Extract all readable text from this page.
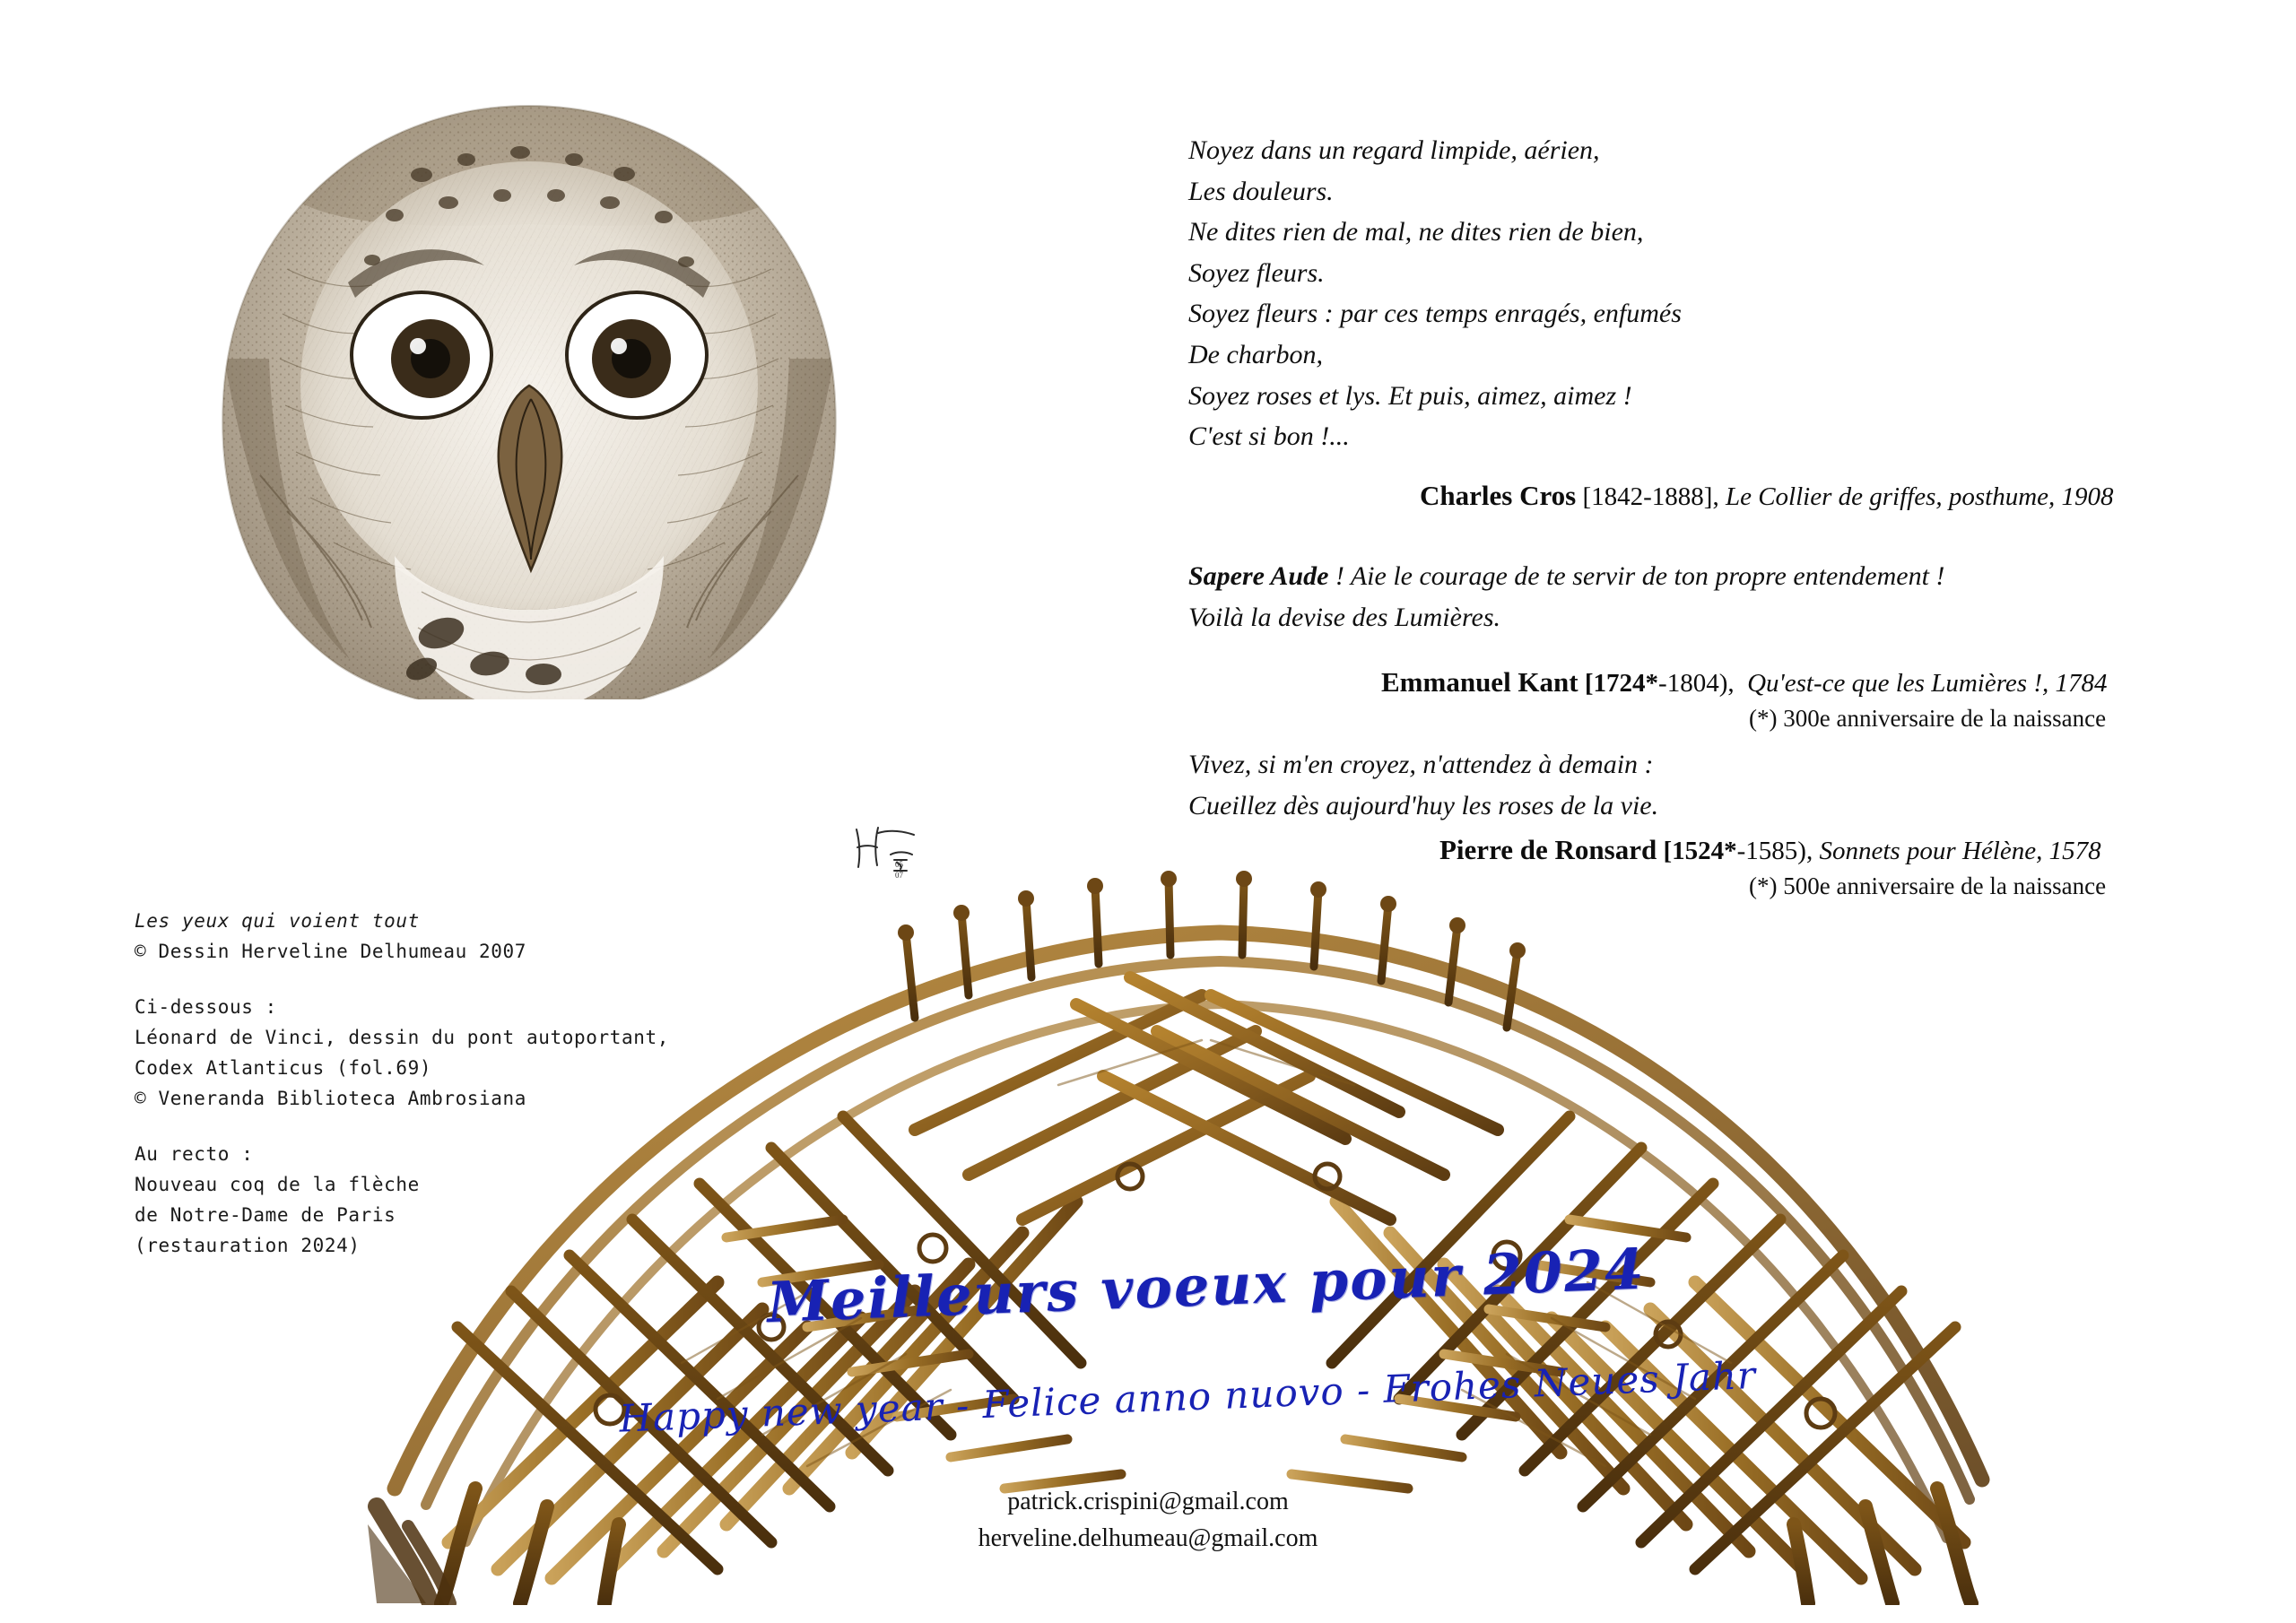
Noyez dans un regard limpide, aérien,
Les douleurs.
Ne dites rien de mal, ne dites rien de bien,
Soyez fleurs.
Soyez fleurs : par ces temps enragés, enfumés
De charbon,
Soyez roses et lys. Et puis, aimez, aimez !
C'est si bon !...
Charles Cros [1842-1888], Le Collier de griffes, posthume, 1908
Sapere Aude ! Aie le courage de te servir de ton propre entendement !
Voilà la devise des Lumières.
Emmanuel Kant [1724*-1804), Qu'est-ce que les Lumières !, 1784
(*) 300e anniversaire de la naissance
Vivez, si m'en croyez, n'attendez à demain :
Cueillez dès aujourd'huy les roses de la vie.
Pierre de Ronsard [1524*-1585), Sonnets pour Hélène, 1578
(*) 500e anniversaire de la naissance
Les yeux qui voient tout
© Dessin Herveline Delhumeau 2007
Ci-dessous :
Léonard de Vinci, dessin du pont autoportant,
Codex Atlanticus (fol.69)
© Veneranda Biblioteca Ambrosiana
Au recto :
Nouveau coq de la flèche
de Notre-Dame de Paris
(restauration 2024)
05
07
Meilleurs voeux pour 2024
Happy new year - Felice anno nuovo - Frohes Neues Jahr
patrick.crispini@gmail.com
herveline.delhumeau@gmail.com
